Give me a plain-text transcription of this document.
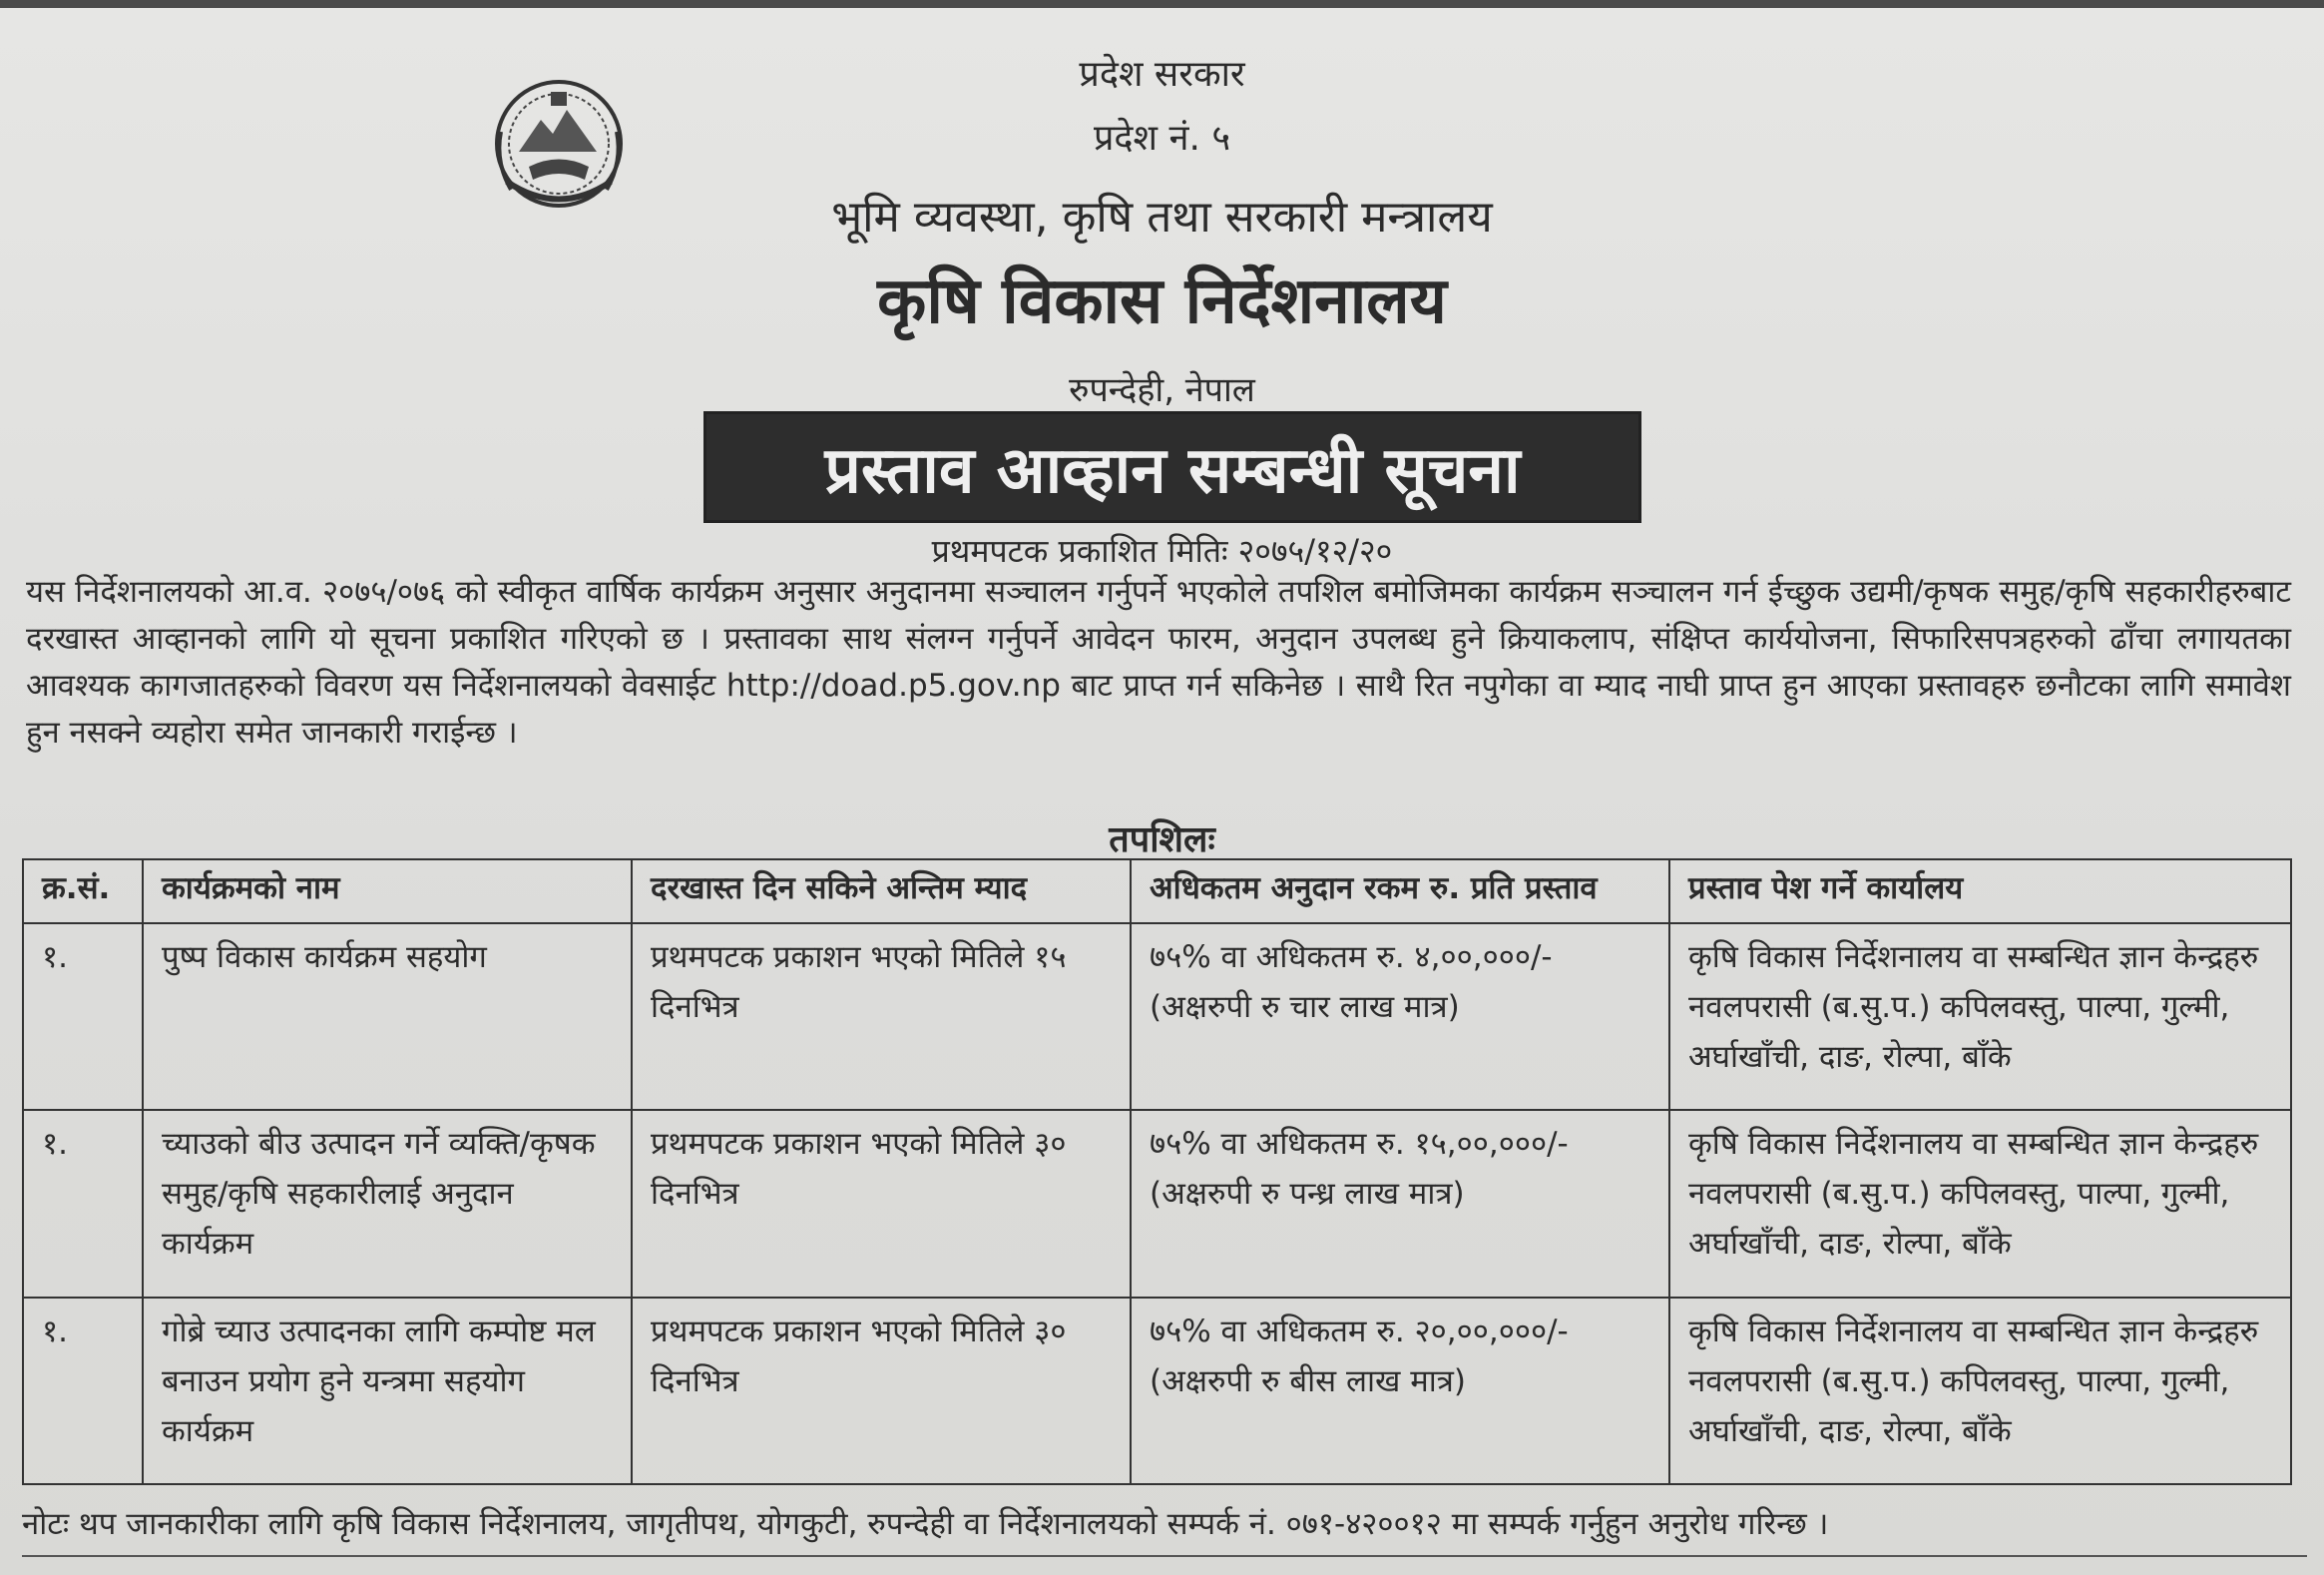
प्रदेश सरकार
प्रदेश नं. ५
भूमि व्यवस्था, कृषि तथा सरकारी मन्त्रालय
कृषि विकास निर्देशनालय
रुपन्देही, नेपाल
प्रस्ताव आव्हान सम्बन्धी सूचना
प्रथमपटक प्रकाशित मितिः २०७५/१२/२०
यस निर्देशनालयको आ.व. २०७५/०७६ को स्वीकृत वार्षिक कार्यक्रम अनुसार अनुदानमा सञ्चालन गर्नुपर्ने भएकोले तपशिल बमोजिमका कार्यक्रम सञ्चालन गर्न ईच्छुक उद्यमी/कृषक समुह/कृषि सहकारीहरुबाट दरखास्त आव्हानको लागि यो सूचना प्रकाशित गरिएको छ । प्रस्तावका साथ संलग्न गर्नुपर्ने आवेदन फारम, अनुदान उपलब्ध हुने क्रियाकलाप, संक्षिप्त कार्ययोजना, सिफारिसपत्रहरुको ढाँचा लगायतका आवश्यक कागजातहरुको विवरण यस निर्देशनालयको वेवसाईट http://doad.p5.gov.np बाट प्राप्त गर्न सकिनेछ । साथै रित नपुगेका वा म्याद नाघी प्राप्त हुन आएका प्रस्तावहरु छनौटका लागि समावेश हुन नसक्ने व्यहोरा समेत जानकारी गराईन्छ ।
तपशिलः
क्र.सं.	कार्यक्रमको नाम	दरखास्त दिन सकिने अन्तिम म्याद	अधिकतम अनुदान रकम रु. प्रति प्रस्ताव	प्रस्ताव पेश गर्ने कार्यालय
१.	पुष्प विकास कार्यक्रम सहयोग	प्रथमपटक प्रकाशन भएको मितिले १५ दिनभित्र	७५% वा अधिकतम रु. ४,००,०००/- (अक्षरुपी रु चार लाख मात्र)	कृषि विकास निर्देशनालय वा सम्बन्धित ज्ञान केन्द्रहरु नवलपरासी (ब.सु.प.) कपिलवस्तु, पाल्पा, गुल्मी, अर्घाखाँची, दाङ, रोल्पा, बाँके
१.	च्याउको बीउ उत्पादन गर्ने व्यक्ति/कृषक समुह/कृषि सहकारीलाई अनुदान कार्यक्रम	प्रथमपटक प्रकाशन भएको मितिले ३० दिनभित्र	७५% वा अधिकतम रु. १५,००,०००/- (अक्षरुपी रु पन्ध्र लाख मात्र)	कृषि विकास निर्देशनालय वा सम्बन्धित ज्ञान केन्द्रहरु नवलपरासी (ब.सु.प.) कपिलवस्तु, पाल्पा, गुल्मी, अर्घाखाँची, दाङ, रोल्पा, बाँके
१.	गोब्रे च्याउ उत्पादनका लागि कम्पोष्ट मल बनाउन प्रयोग हुने यन्त्रमा सहयोग कार्यक्रम	प्रथमपटक प्रकाशन भएको मितिले ३० दिनभित्र	७५% वा अधिकतम रु. २०,००,०००/- (अक्षरुपी रु बीस लाख मात्र)	कृषि विकास निर्देशनालय वा सम्बन्धित ज्ञान केन्द्रहरु नवलपरासी (ब.सु.प.) कपिलवस्तु, पाल्पा, गुल्मी, अर्घाखाँची, दाङ, रोल्पा, बाँके
नोटः थप जानकारीका लागि कृषि विकास निर्देशनालय, जागृतीपथ, योगकुटी, रुपन्देही वा निर्देशनालयको सम्पर्क नं. ०७१-४२००१२ मा सम्पर्क गर्नुहुन अनुरोध गरिन्छ ।
